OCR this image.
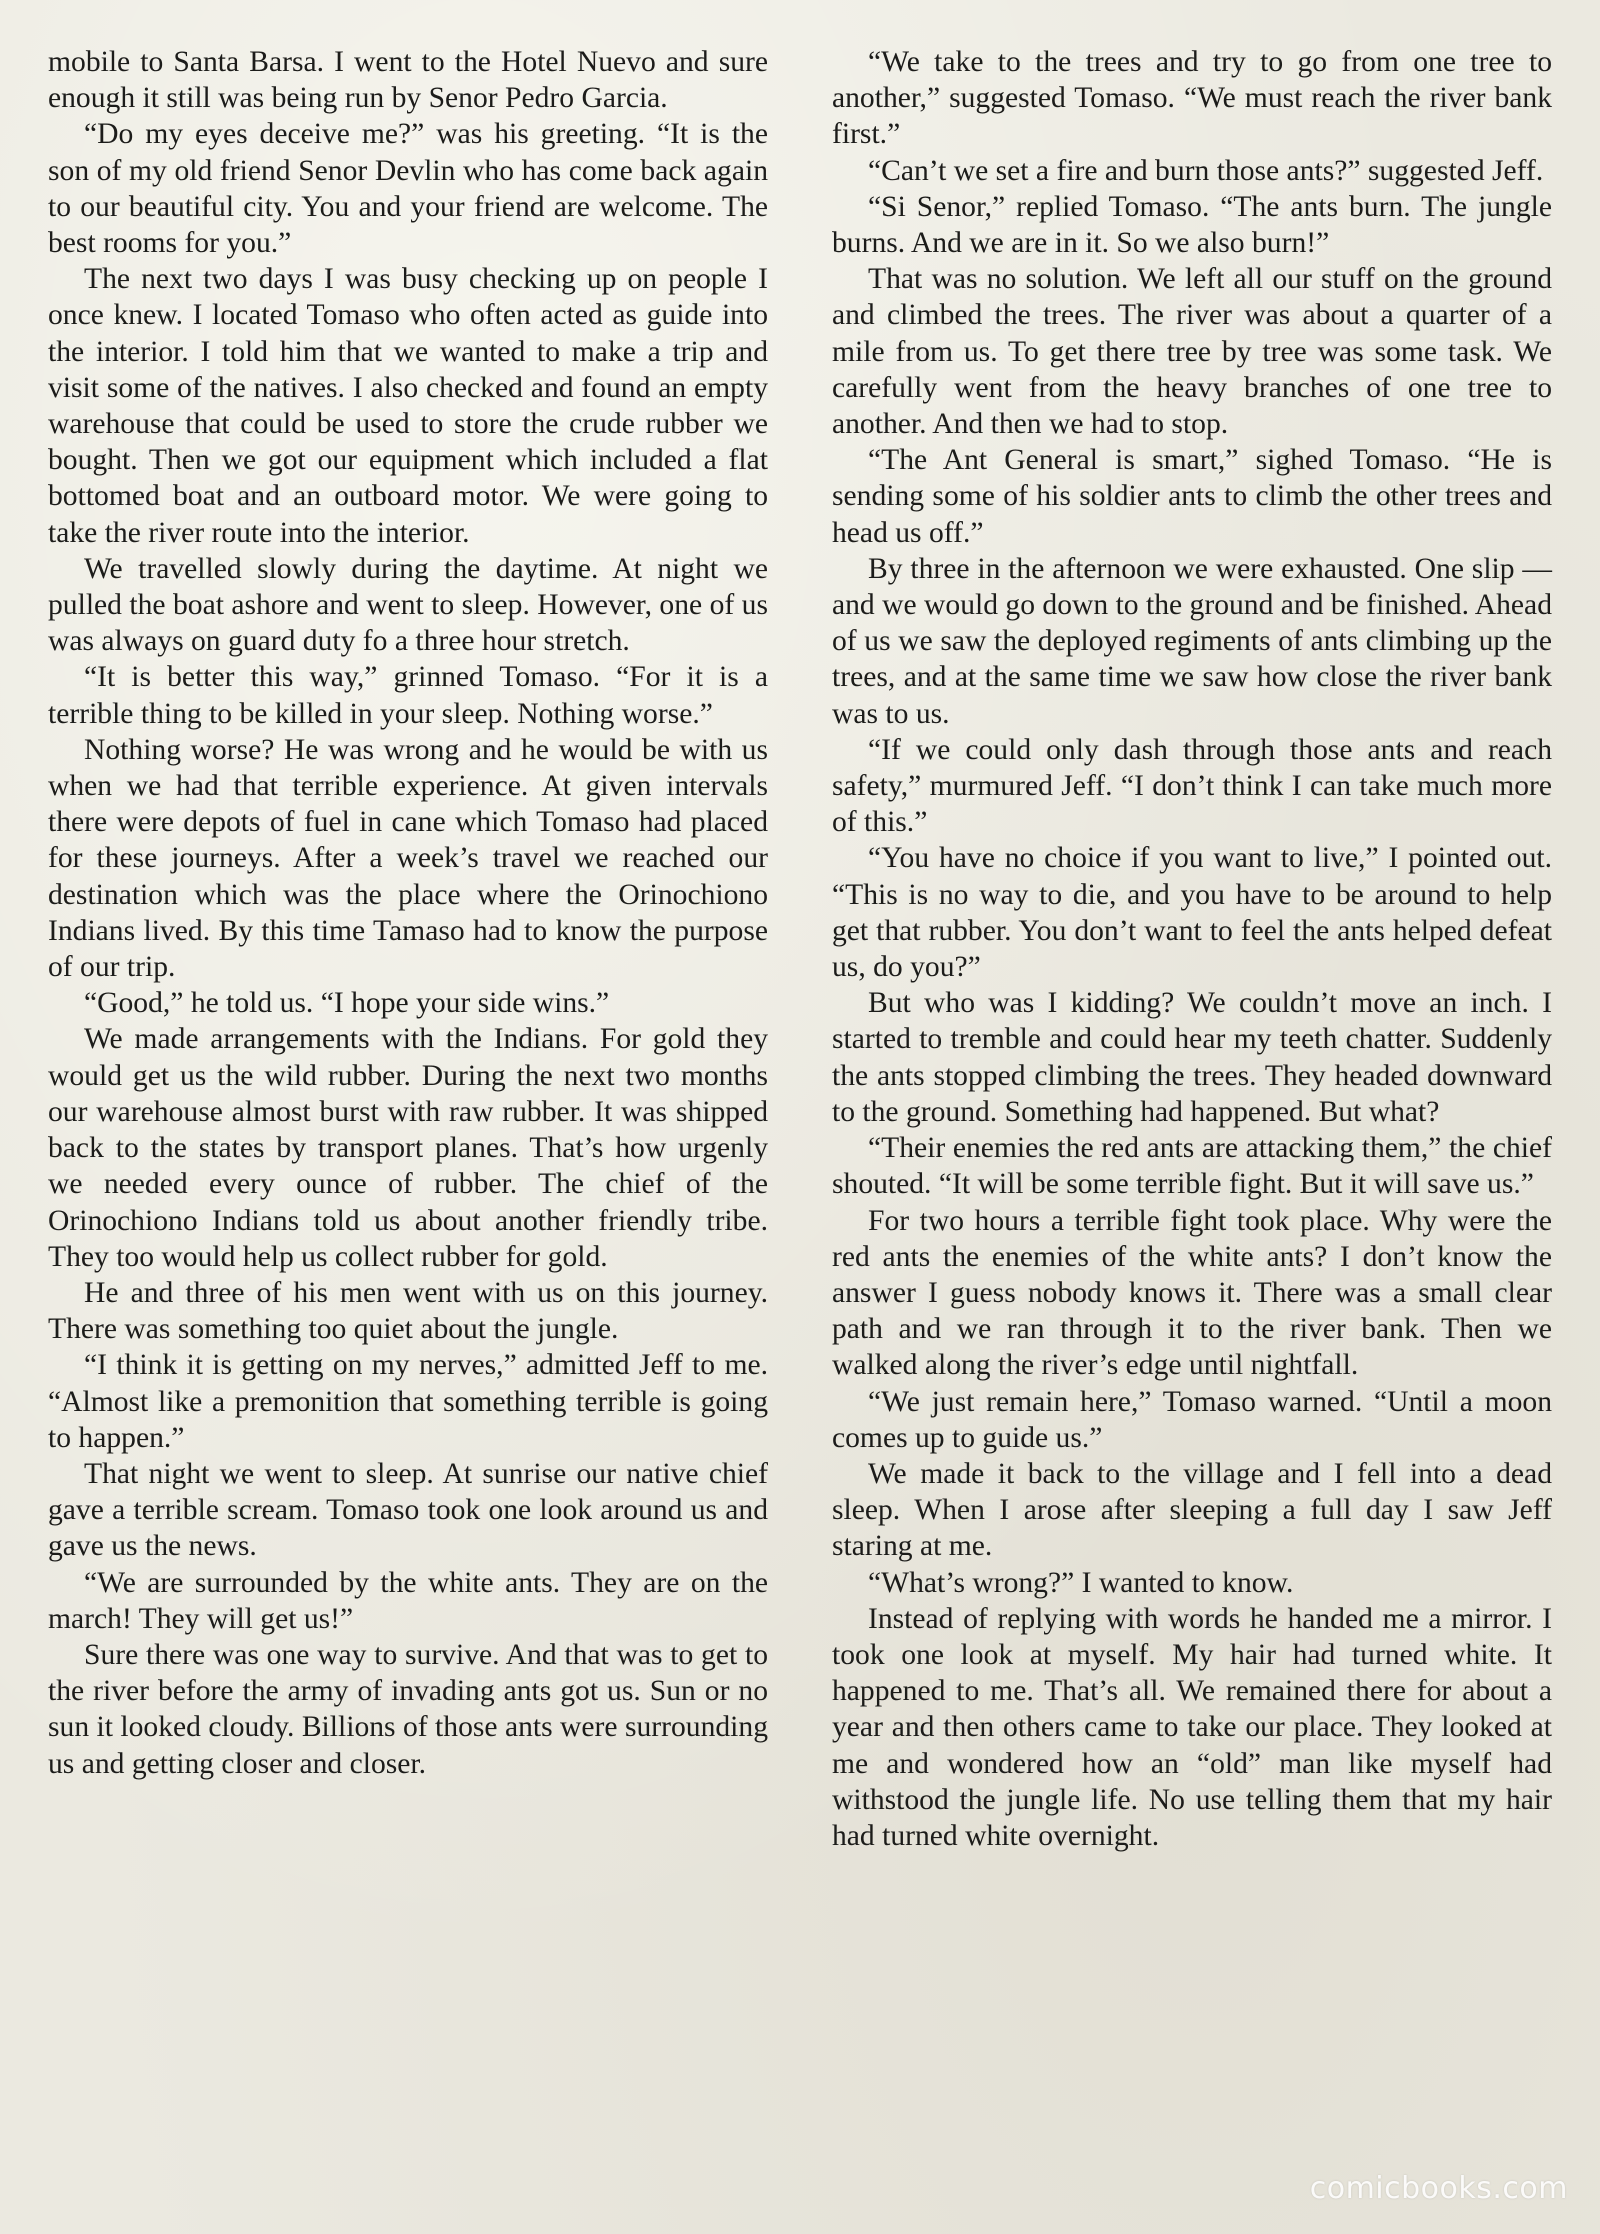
mobile to Santa Barsa. I went to the Hotel Nuevo and sure enough it still was being run by Senor Pedro Garcia.

“Do my eyes deceive me?” was his greeting. “It is the son of my old friend Senor Devlin who has come back again to our beautiful city. You and your friend are welcome. The best rooms for you.”

The next two days I was busy checking up on people I once knew. I located Tomaso who often acted as guide into the interior. I told him that we wanted to make a trip and visit some of the natives. I also checked and found an empty warehouse that could be used to store the crude rubber we bought. Then we got our equipment which included a flat bottomed boat and an outboard motor. We were going to take the river route into the interior.

We travelled slowly during the daytime. At night we pulled the boat ashore and went to sleep. However, one of us was always on guard duty fo a three hour stretch.

“It is better this way,” grinned Tomaso. “For it is a terrible thing to be killed in your sleep. Nothing worse.”

Nothing worse? He was wrong and he would be with us when we had that terrible experience. At given intervals there were depots of fuel in cane which Tomaso had placed for these journeys. After a week’s travel we reached our destination which was the place where the Orinochiono Indians lived. By this time Tamaso had to know the purpose of our trip.

“Good,” he told us. “I hope your side wins.”

We made arrangements with the Indians. For gold they would get us the wild rubber. During the next two months our warehouse almost burst with raw rubber. It was shipped back to the states by transport planes. That’s how urgenly we needed every ounce of rubber. The chief of the Orinochiono Indians told us about another friendly tribe. They too would help us collect rubber for gold.

He and three of his men went with us on this journey. There was something too quiet about the jungle.

“I think it is getting on my nerves,” admitted Jeff to me. “Almost like a premonition that something terrible is going to happen.”

That night we went to sleep. At sunrise our native chief gave a terrible scream. Tomaso took one look around us and gave us the news.

“We are surrounded by the white ants. They are on the march! They will get us!”

Sure there was one way to survive. And that was to get to the river before the army of invading ants got us. Sun or no sun it looked cloudy. Billions of those ants were surrounding us and getting closer and closer.

“We take to the trees and try to go from one tree to another,” suggested Tomaso. “We must reach the river bank first.”

“Can’t we set a fire and burn those ants?” suggested Jeff.

“Si Senor,” replied Tomaso. “The ants burn. The jungle burns. And we are in it. So we also burn!”

That was no solution. We left all our stuff on the ground and climbed the trees. The river was about a quarter of a mile from us. To get there tree by tree was some task. We carefully went from the heavy branches of one tree to another. And then we had to stop.

“The Ant General is smart,” sighed Tomaso. “He is sending some of his soldier ants to climb the other trees and head us off.”

By three in the afternoon we were exhausted. One slip — and we would go down to the ground and be finished. Ahead of us we saw the deployed regiments of ants climbing up the trees, and at the same time we saw how close the river bank was to us.

“If we could only dash through those ants and reach safety,” murmured Jeff. “I don’t think I can take much more of this.”

“You have no choice if you want to live,” I pointed out. “This is no way to die, and you have to be around to help get that rubber. You don’t want to feel the ants helped defeat us, do you?”

But who was I kidding? We couldn’t move an inch. I started to tremble and could hear my teeth chatter. Suddenly the ants stopped climbing the trees. They headed downward to the ground. Something had happened. But what?

“Their enemies the red ants are attacking them,” the chief shouted. “It will be some terrible fight. But it will save us.”

For two hours a terrible fight took place. Why were the red ants the enemies of the white ants? I don’t know the answer I guess nobody knows it. There was a small clear path and we ran through it to the river bank. Then we walked along the river’s edge until nightfall.

“We just remain here,” Tomaso warned. “Until a moon comes up to guide us.”

We made it back to the village and I fell into a dead sleep. When I arose after sleeping a full day I saw Jeff staring at me.

“What’s wrong?” I wanted to know.

Instead of replying with words he handed me a mirror. I took one look at myself. My hair had turned white. It happened to me. That’s all. We remained there for about a year and then others came to take our place. They looked at me and wondered how an “old” man like myself had withstood the jungle life. No use telling them that my hair had turned white overnight.

comicbooks.com
